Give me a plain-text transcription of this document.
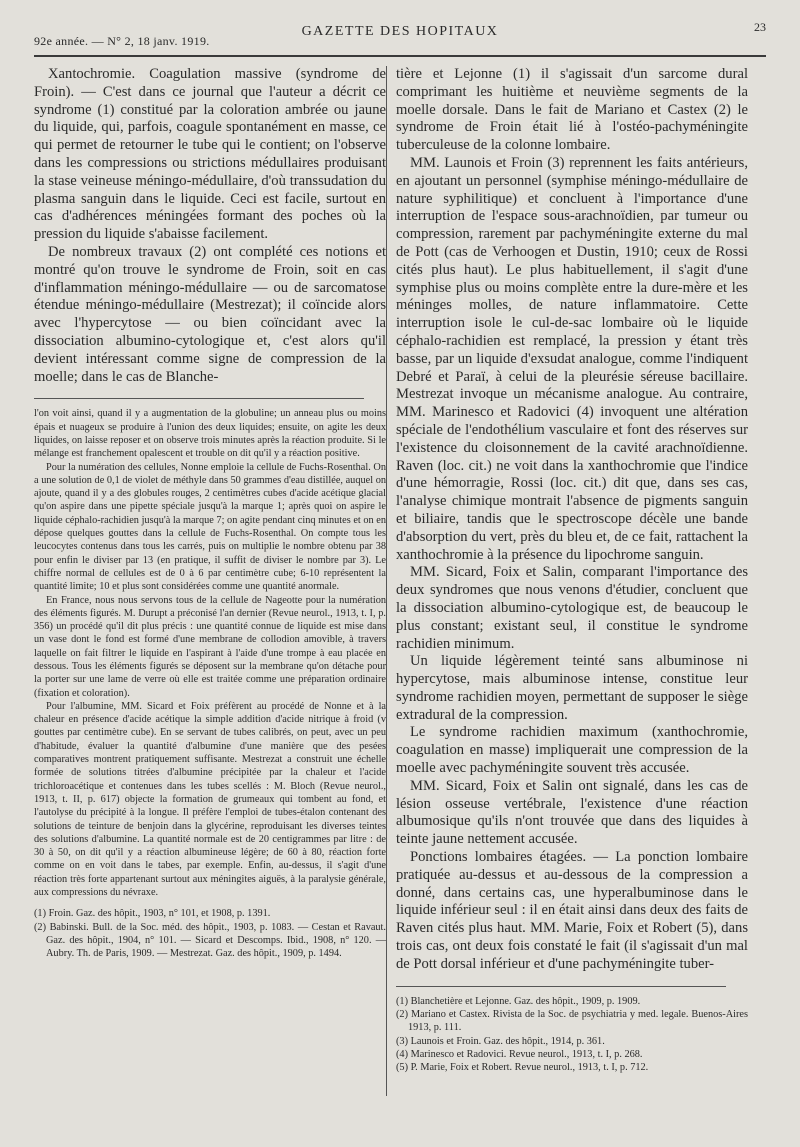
92e année. — N° 2, 18 janv. 1919.
GAZETTE DES HOPITAUX	23

Xantochromie. Coagulation massive (syndrome de Froin). — C'est dans ce journal que l'auteur a décrit ce syndrome (1) constitué par la coloration ambrée ou jaune du liquide, qui, parfois, coagule spontanément en masse, ce qui permet de retourner le tube qui le contient; on l'observe dans les compressions ou strictions médullaires produisant la stase veineuse méningo-médullaire, d'où transsudation du plasma sanguin dans le liquide. Ceci est facile, surtout en cas d'adhérences méningées formant des poches où la pression du liquide s'abaisse facilement.

De nombreux travaux (2) ont complété ces notions et montré qu'on trouve le syndrome de Froin, soit en cas d'inflammation méningo-médullaire — ou de sarcomatose étendue méningo-médullaire (Mestrezat); il coïncide alors avec l'hypercytose — ou bien coïncidant avec la dissociation albumino-cytologique et, c'est alors qu'il devient intéressant comme signe de compression de la moelle; dans le cas de Blanche-

l'on voit ainsi, quand il y a augmentation de la globuline; un anneau plus ou moins épais et nuageux se produire à l'union des deux liquides; ensuite, on agite les deux liquides, on laisse reposer et on observe trois minutes après la réaction produite. Si le mélange est franchement opalescent et trouble on dit qu'il y a réaction positive.

Pour la numération des cellules, Nonne emploie la cellule de Fuchs-Rosenthal. On a une solution de 0,1 de violet de méthyle dans 50 grammes d'eau distillée, auquel on ajoute, quand il y a des globules rouges, 2 centimètres cubes d'acide acétique glacial qu'on aspire dans une pipette spéciale jusqu'à la marque 1; après quoi on aspire le liquide céphalo-rachidien jusqu'à la marque 7; on agite pendant cinq minutes et on en dépose quelques gouttes dans la cellule de Fuchs-Rosenthal. On compte tous les leucocytes contenus dans tous les carrés, puis on multiplie le nombre obtenu par 38 pour enfin le diviser par 13 (en pratique, il suffit de diviser le nombre par 3). Le chiffre normal de cellules est de 0 à 6 par centimètre cube; 6-10 représentent la quantité limite; 10 et plus sont considérées comme une quantité anormale.

En France, nous nous servons tous de la cellule de Nageotte pour la numération des éléments figurés. M. Durupt a préconisé l'an dernier (Revue neurol., 1913, t. I, p. 356) un procédé qu'il dit plus précis : une quantité connue de liquide est mise dans un vase dont le fond est formé d'une membrane de collodion amovible, à travers laquelle on fait filtrer le liquide en l'aspirant à l'aide d'une trompe à eau placée en dessous. Tous les éléments figurés se déposent sur la membrane qu'on détache pour la porter sur une lame de verre où elle est traitée comme une préparation ordinaire (fixation et coloration).

Pour l'albumine, MM. Sicard et Foix préfèrent au procédé de Nonne et à la chaleur en présence d'acide acétique la simple addition d'acide nitrique à froid (v gouttes par centimètre cube). En se servant de tubes calibrés, on peut, avec un peu d'habitude, évaluer la quantité d'albumine d'une manière que des pesées comparatives montrent pratiquement suffisante. Mestrezat a construit une échelle formée de solutions titrées d'albumine précipitée par la chaleur et l'acide trichloroacétique et contenues dans les tubes scellés : M. Bloch (Revue neurol., 1913, t. II, p. 617) objecte la formation de grumeaux qui tombent au fond, et l'autolyse du précipité à la longue. Il préfère l'emploi de tubes-étalon contenant des solutions de teinture de benjoin dans la glycérine, reproduisant les diverses teintes des solutions d'albumine. La quantité normale est de 20 centigrammes par litre : de 30 à 50, on dit qu'il y a réaction albumineuse légère; de 60 à 80, réaction forte comme on en voit dans le tabes, par exemple. Enfin, au-dessus, il s'agit d'une réaction très forte appartenant surtout aux méningites aiguës, à la paralysie générale, aux compressions du névraxe.

(1) Froin. Gaz. des hôpit., 1903, n° 101, et 1908, p. 1391.
(2) Babinski. Bull. de la Soc. méd. des hôpit., 1903, p. 1083. — Cestan et Ravaut. Gaz. des hôpit., 1904, n° 101. — Sicard et Descomps. Ibid., 1908, n° 120. — Aubry. Th. de Paris, 1909. — Mestrezat. Gaz. des hôpit., 1909, p. 1494.

tière et Lejonne (1) il s'agissait d'un sarcome dural comprimant les huitième et neuvième segments de la moelle dorsale. Dans le fait de Mariano et Castex (2) le syndrome de Froin était lié à l'ostéo-pachyméningite tuberculeuse de la colonne lombaire.

MM. Launois et Froin (3) reprennent les faits antérieurs, en ajoutant un personnel (symphise méningo-médullaire de nature syphilitique) et concluent à l'importance d'une interruption de l'espace sous-arachnoïdien, par tumeur ou compression, rarement par pachyméningite externe du mal de Pott (cas de Verhoogen et Dustin, 1910; ceux de Rossi cités plus haut). Le plus habituellement, il s'agit d'une symphise plus ou moins complète entre la dure-mère et les méninges molles, de nature inflammatoire. Cette interruption isole le cul-de-sac lombaire où le liquide céphalo-rachidien est remplacé, la pression y étant très basse, par un liquide d'exsudat analogue, comme l'indiquent Debré et Paraï, à celui de la pleurésie séreuse bacillaire. Mestrezat invoque un mécanisme analogue. Au contraire, MM. Marinesco et Radovici (4) invoquent une altération spéciale de l'endothélium vasculaire et font des réserves sur l'existence du cloisonnement de la cavité arachnoïdienne. Raven (loc. cit.) ne voit dans la xanthochromie que l'indice d'une hémorragie, Rossi (loc. cit.) dit que, dans ses cas, l'analyse chimique montrait l'absence de pigments sanguin et biliaire, tandis que le spectroscope décèle une bande d'absorption du vert, près du bleu et, de ce fait, rattachent la xanthochromie à la présence du lipochrome sanguin.

MM. Sicard, Foix et Salin, comparant l'importance des deux syndromes que nous venons d'étudier, concluent que la dissociation albumino-cytologique est, de beaucoup le plus constant; existant seul, il constitue le syndrome rachidien minimum.

Un liquide légèrement teinté sans albuminose ni hypercytose, mais albuminose intense, constitue leur syndrome rachidien moyen, permettant de supposer le siège extradural de la compression.

Le syndrome rachidien maximum (xanthochromie, coagulation en masse) impliquerait une compression de la moelle avec pachyméningite souvent très accusée.

MM. Sicard, Foix et Salin ont signalé, dans les cas de lésion osseuse vertébrale, l'existence d'une réaction albumosique qu'ils n'ont trouvée que dans des liquides à teinte jaune nettement accusée.

Ponctions lombaires étagées. — La ponction lombaire pratiquée au-dessus et au-dessous de la compression a donné, dans certains cas, une hyperalbuminose dans le liquide inférieur seul : il en était ainsi dans deux des faits de Raven cités plus haut. MM. Marie, Foix et Robert (5), dans trois cas, ont deux fois constaté le fait (il s'agissait d'un mal de Pott dorsal inférieur et d'une pachyméningite tuber-

(1) Blanchetière et Lejonne. Gaz. des hôpit., 1909, p. 1909.
(2) Mariano et Castex. Rivista de la Soc. de psychiatria y med. legale. Buenos-Aires 1913, p. 111.
(3) Launois et Froin. Gaz. des hôpit., 1914, p. 361.
(4) Marinesco et Radovici. Revue neurol., 1913, t. I, p. 268.
(5) P. Marie, Foix et Robert. Revue neurol., 1913, t. I, p. 712.
